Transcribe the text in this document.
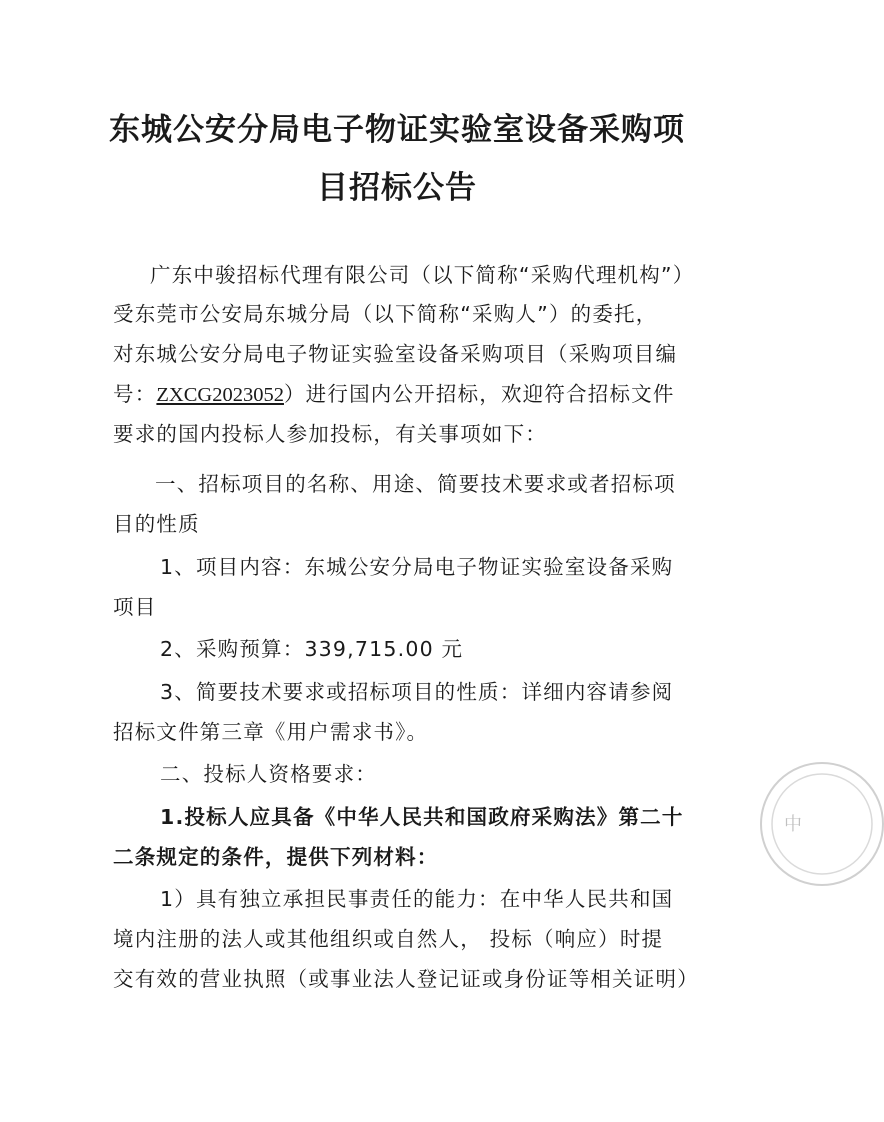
东城公安分局电子物证实验室设备采购项
目招标公告
广东中骏招标代理有限公司（以下简称“采购代理机构”）
受东莞市公安局东城分局（以下简称“采购人”）的委托，
对东城公安分局电子物证实验室设备采购项目（采购项目编
号：ZXCG2023052）进行国内公开招标，欢迎符合招标文件
要求的国内投标人参加投标，有关事项如下：
一、招标项目的名称、用途、简要技术要求或者招标项
目的性质
1、项目内容：东城公安分局电子物证实验室设备采购
项目
2、采购预算：339,715.00 元
3、简要技术要求或招标项目的性质：详细内容请参阅
招标文件第三章《用户需求书》。
二、投标人资格要求：
1.投标人应具备《中华人民共和国政府采购法》第二十
二条规定的条件，提供下列材料：
1）具有独立承担民事责任的能力：在中华人民共和国
境内注册的法人或其他组织或自然人， 投标（响应）时提
交有效的营业执照（或事业法人登记证或身份证等相关证明）
中
